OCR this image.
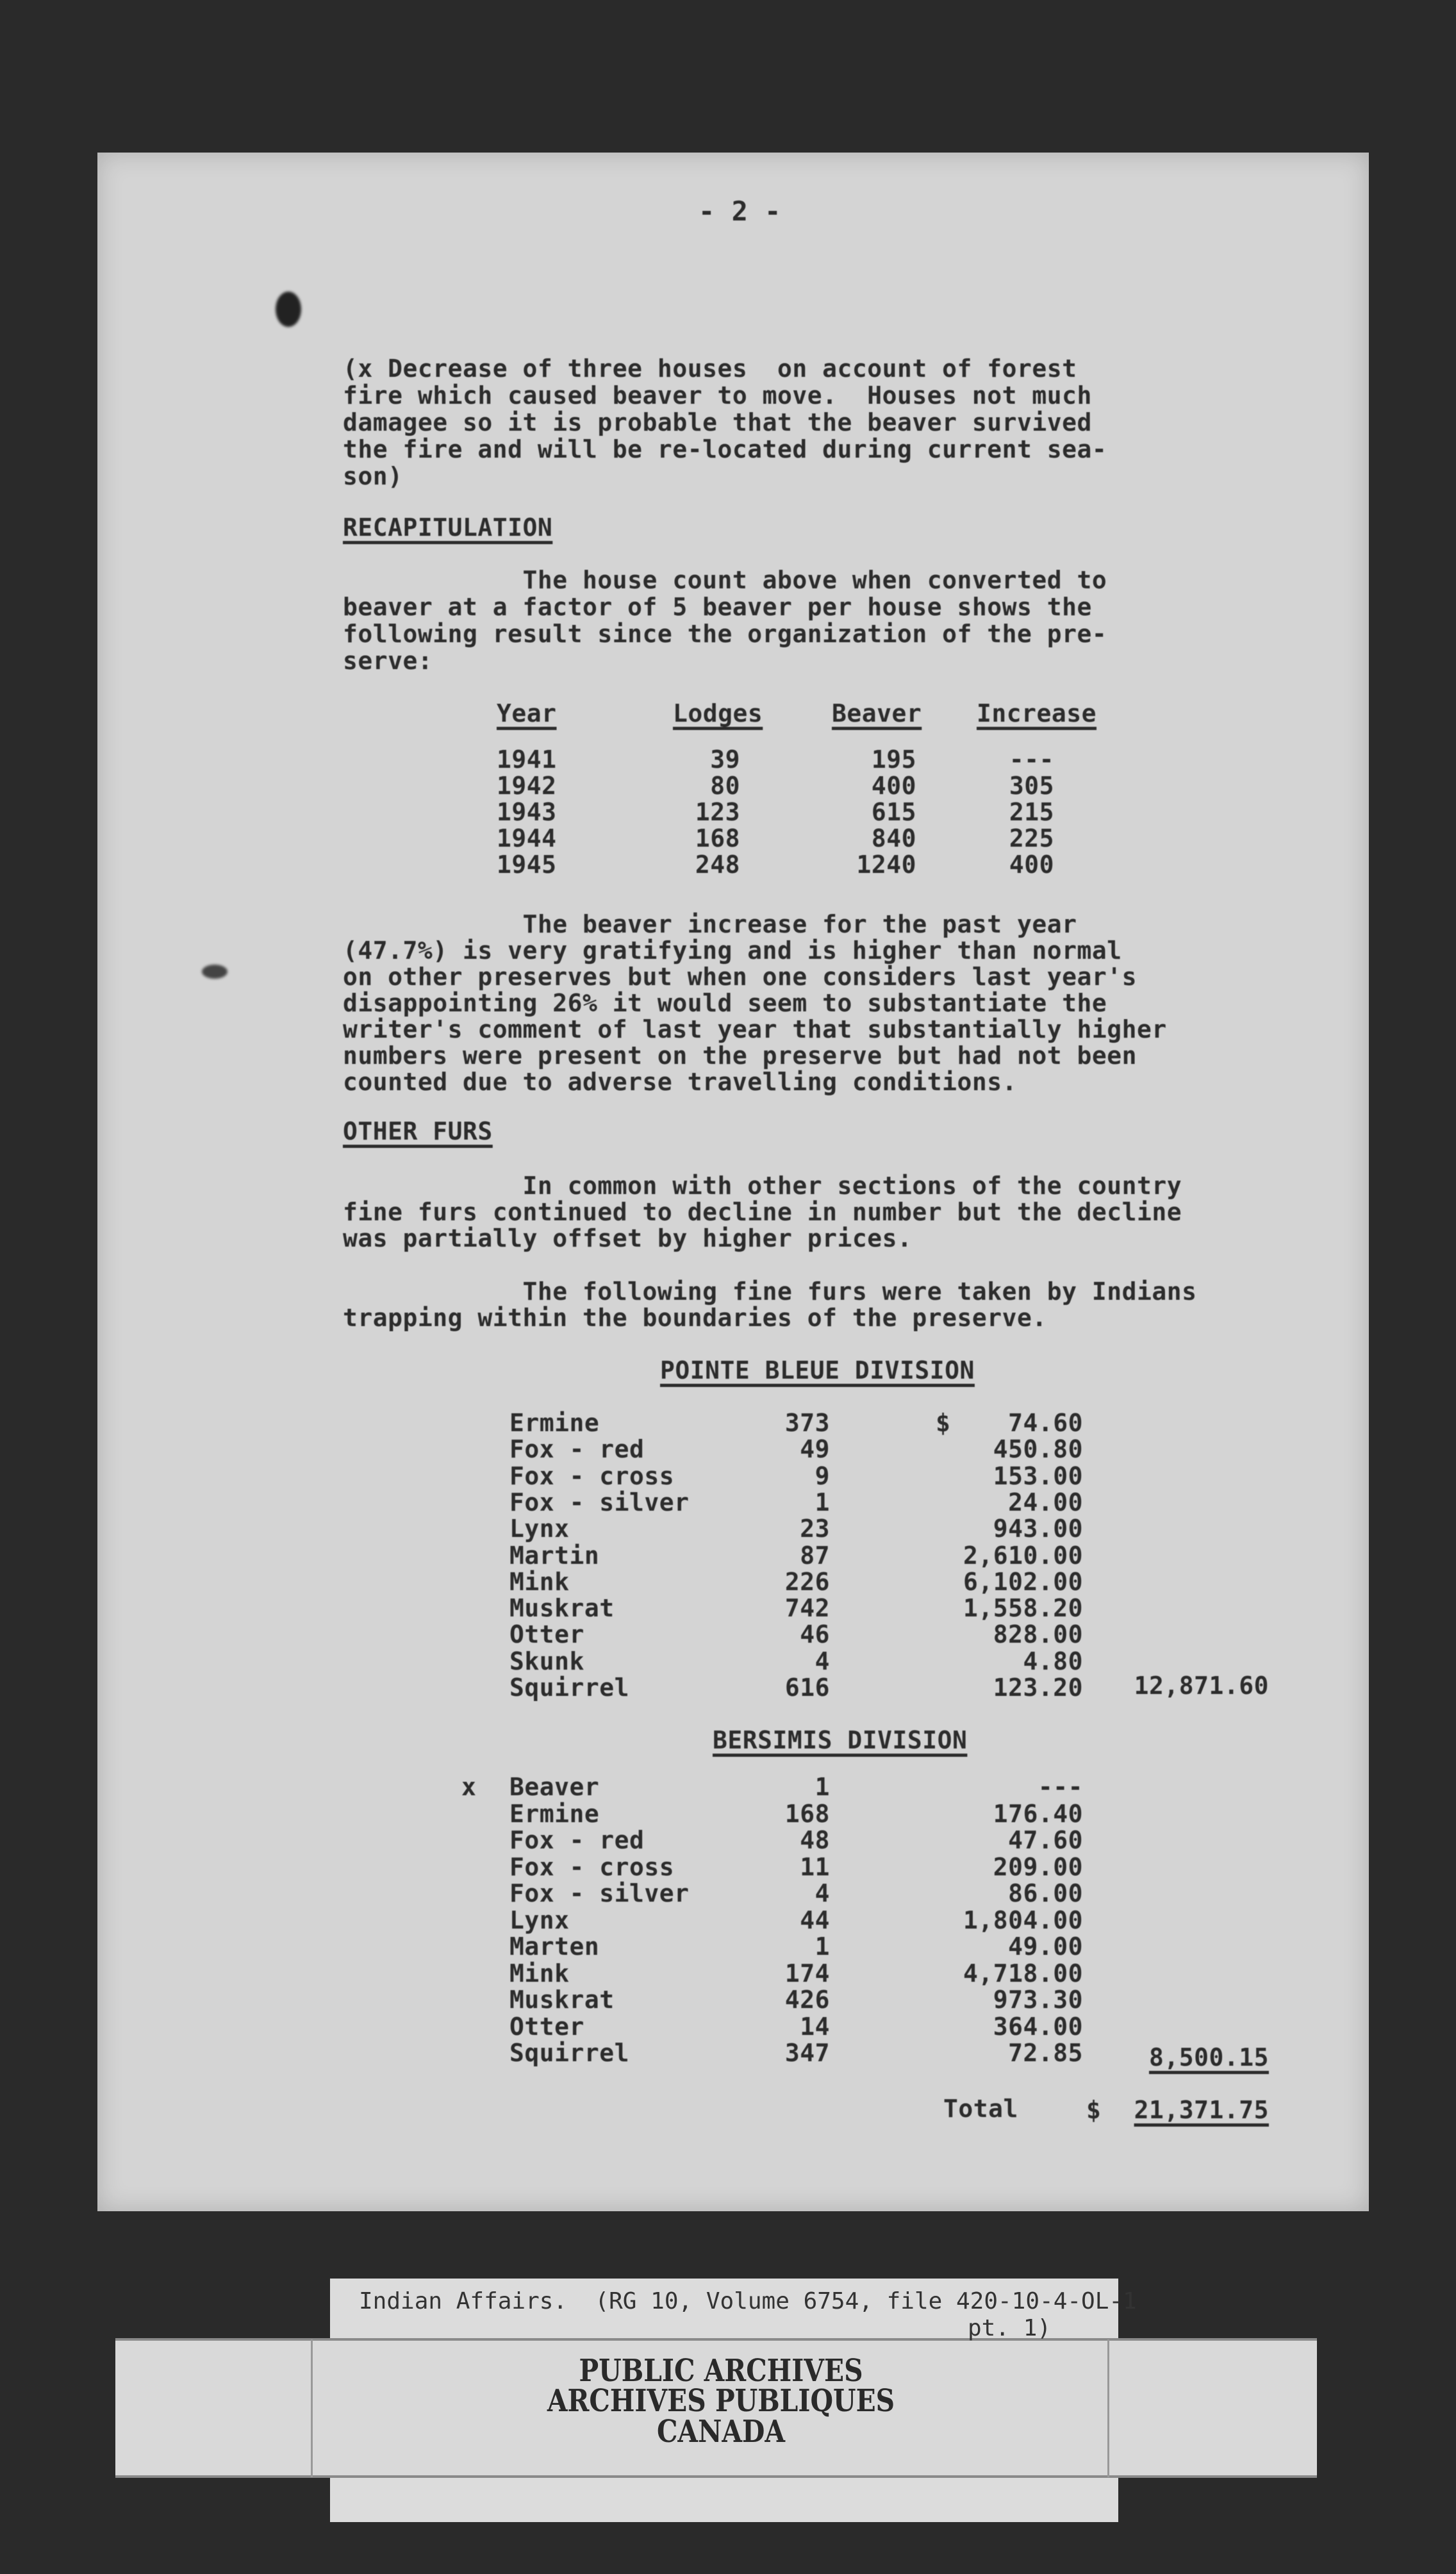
- 2 -
(x Decrease of three houses  on account of forest
fire which caused beaver to move.  Houses not much
damagee so it is probable that the beaver survived
the fire and will be re-located during current sea-
son)
RECAPITULATION
The house count above when converted to
beaver at a factor of 5 beaver per house shows the
following result since the organization of the pre-
serve:
Year	Lodges	Beaver Increase
1941	39	195	---
1942	80	400	305
1943	123	615	215
1944	168	840	225
1945	248	1240	400
The beaver increase for the past year
(47.7%) is very gratifying and is higher than normal
on other preserves but when one considers last year's
disappointing 26% it would seem to substantiate the
writer's comment of last year that substantially higher
numbers were present on the preserve but had not been
counted due to adverse travelling conditions.
OTHER FURS
In common with other sections of the country
fine furs continued to decline in number but the decline
was partially offset by higher prices.
The following fine furs were taken by Indians
trapping within the boundaries of the preserve.
POINTE BLEUE DIVISION
$
Ermine	373	74.60
Fox - red	49	450.80
Fox - cross	9	153.00
Fox - silver	1	24.00
Lynx	23	943.00
Martin	87	2,610.00
Mink	226	6,102.00
Muskrat	742	1,558.20
Otter	46	828.00
Skunk	4	4.80
Squirrel	616	123.20	12,871.60
BERSIMIS DIVISION
x Beaver	1	---
Ermine	168	176.40
Fox - red	48	47.60
Fox - cross	11	209.00
Fox - silver	4	86.00
Lynx	44	1,804.00
Marten	1	49.00
Mink	174	4,718.00
Muskrat	426	973.30
Otter	14	364.00
Squirrel	347	72.85	8,500.15
Total	$	21,371.75
Indian Affairs.  (RG 10, Volume 6754, file 420-10-4-OL-1
pt. 1)
PUBLIC ARCHIVES
ARCHIVES PUBLIQUES
CANADA
